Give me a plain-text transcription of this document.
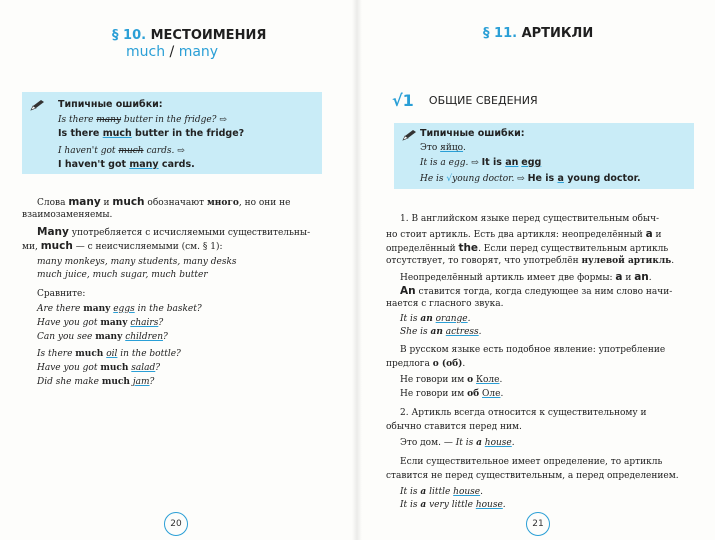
§ 10. МЕСТОИМЕНИЯ
much / many
Типичные ошибки:
Is there many butter in the fridge? ⇨
Is there much butter in the fridge?
I haven't got much cards. ⇨
I haven't got many cards.
Слова many и much обозначают много, но они не
взаимозаменяемы.
Many употребляется с исчисляемыми существительны-
ми, much — с неисчисляемыми (см. § 1):
many monkeys, many students, many desks
much juice, much sugar, much butter
Сравните:
Are there many eggs in the basket?
Have you got many chairs?
Can you see many children?
Is there much oil in the bottle?
Have you got much salad?
Did she make much jam?
20
§ 11. АРТИКЛИ
√1 ОБЩИЕ СВЕДЕНИЯ
Типичные ошибки:
Это яйцо.
It is a egg. ⇨ It is an egg
He is √young doctor. ⇨ He is a young doctor.
1. В английском языке перед существительным обыч-
но стоит артикль. Есть два артикля: неопределённый a и
определённый the. Если перед существительным артикль
отсутствует, то говорят, что употреблён нулевой артикль.
Неопределённый артикль имеет две формы: a и an.
An ставится тогда, когда следующее за ним слово начи-
нается с гласного звука.
It is an orange.
She is an actress.
В русском языке есть подобное явление: употребление
предлога о (об).
Не говори им о Коле.
Не говори им об Оле.
2. Артикль всегда относится к существительному и
обычно ставится перед ним.
Это дом. — It is a house.
Если существительное имеет определение, то артикль
ставится не перед существительным, а перед определением.
It is a little house.
It is a very little house.
21
